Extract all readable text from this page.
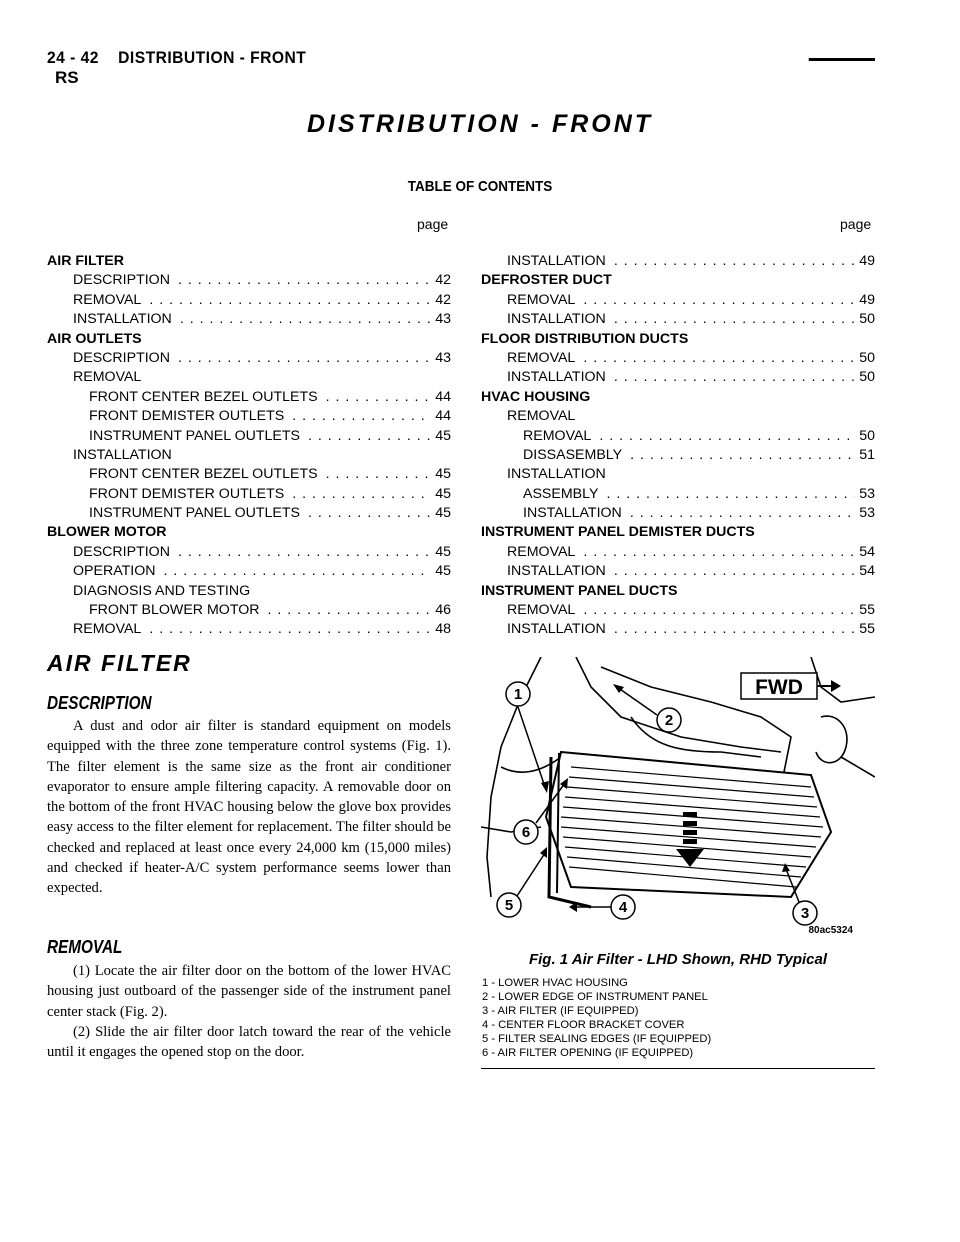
24 - 42    DISTRIBUTION - FRONT
RS
DISTRIBUTION - FRONT
TABLE OF CONTENTS
page	page
AIR FILTER
DESCRIPTION . . .	42
REMOVAL . . .	42
INSTALLATION . . .	43
AIR OUTLETS
DESCRIPTION . . .	43
REMOVAL
FRONT CENTER BEZEL OUTLETS . . .	44
FRONT DEMISTER OUTLETS . . .	44
INSTRUMENT PANEL OUTLETS . . .	45
INSTALLATION
FRONT CENTER BEZEL OUTLETS . . .	45
FRONT DEMISTER OUTLETS . . .	45
INSTRUMENT PANEL OUTLETS . . .	45
BLOWER MOTOR
DESCRIPTION . . .	45
OPERATION . . .	45
DIAGNOSIS AND TESTING
FRONT BLOWER MOTOR . . .	46
REMOVAL . . .	48
INSTALLATION . . .	49
DEFROSTER DUCT
REMOVAL . . .	49
INSTALLATION . . .	50
FLOOR DISTRIBUTION DUCTS
REMOVAL . . .	50
INSTALLATION . . .	50
HVAC HOUSING
REMOVAL
REMOVAL . . .	50
DISSASEMBLY . . .	51
INSTALLATION
ASSEMBLY . . .	53
INSTALLATION . . .	53
INSTRUMENT PANEL DEMISTER DUCTS
REMOVAL . . .	54
INSTALLATION . . .	54
INSTRUMENT PANEL DUCTS
REMOVAL . . .	55
INSTALLATION . . .	55
AIR FILTER
DESCRIPTION

A dust and odor air filter is standard equipment on models equipped with the three zone temperature control systems (Fig. 1). The filter element is the same size as the front air conditioner evaporator to ensure ample filtering capacity. A removable door on the bottom of the front HVAC housing below the glove box provides easy access to the filter element for replacement. The filter should be checked and replaced at least once every 24,000 km (15,000 miles) and checked if heater-A/C system performance seems lower than expected.

REMOVAL

(1) Locate the air filter door on the bottom of the lower HVAC housing just outboard of the passenger side of the instrument panel center stack (Fig. 2).

(2) Slide the air filter door latch toward the rear of the vehicle until it engages the opened stop on the door.

FWD
1
2
3
4
5
6
80ac5324
Fig. 1 Air Filter - LHD Shown, RHD Typical
1 - LOWER HVAC HOUSING
2 - LOWER EDGE OF INSTRUMENT PANEL
3 - AIR FILTER (IF EQUIPPED)
4 - CENTER FLOOR BRACKET COVER
5 - FILTER SEALING EDGES (IF EQUIPPED)
6 - AIR FILTER OPENING (IF EQUIPPED)
